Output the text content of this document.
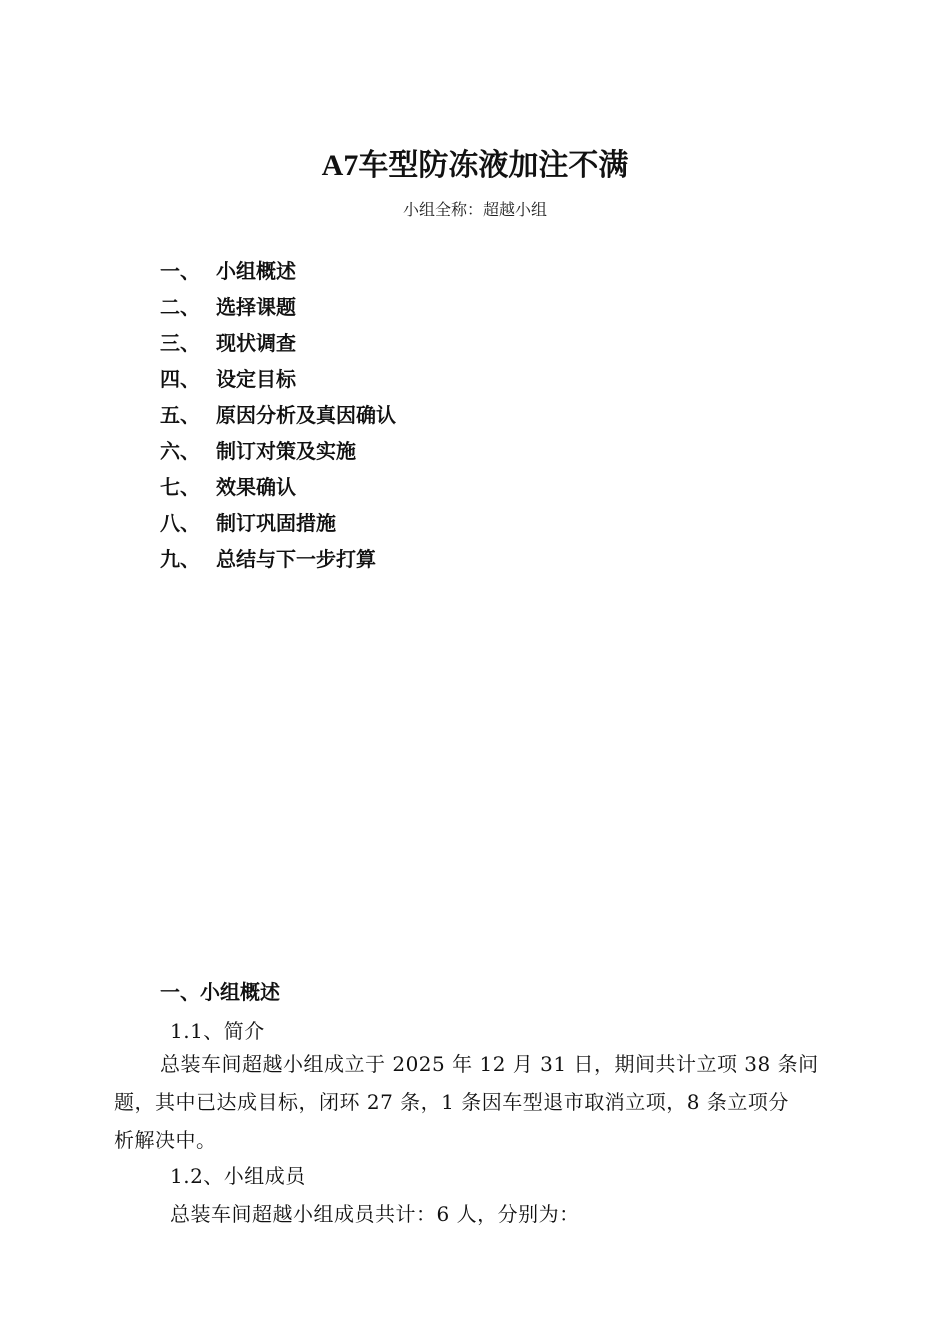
A7车型防冻液加注不满
小组全称：超越小组
一、 小组概述
二、 选择课题
三、 现状调查
四、 设定目标
五、 原因分析及真因确认
六、 制订对策及实施
七、 效果确认
八、 制订巩固措施
九、 总结与下一步打算
一、小组概述
1.1、简介
总装车间超越小组成立于 2025 年 12 月 31 日，期间共计立项 38 条问
题，其中已达成目标，闭环 27 条，1 条因车型退市取消立项，8 条立项分
析解决中。
1.2、小组成员
总装车间超越小组成员共计：6 人，分别为：
